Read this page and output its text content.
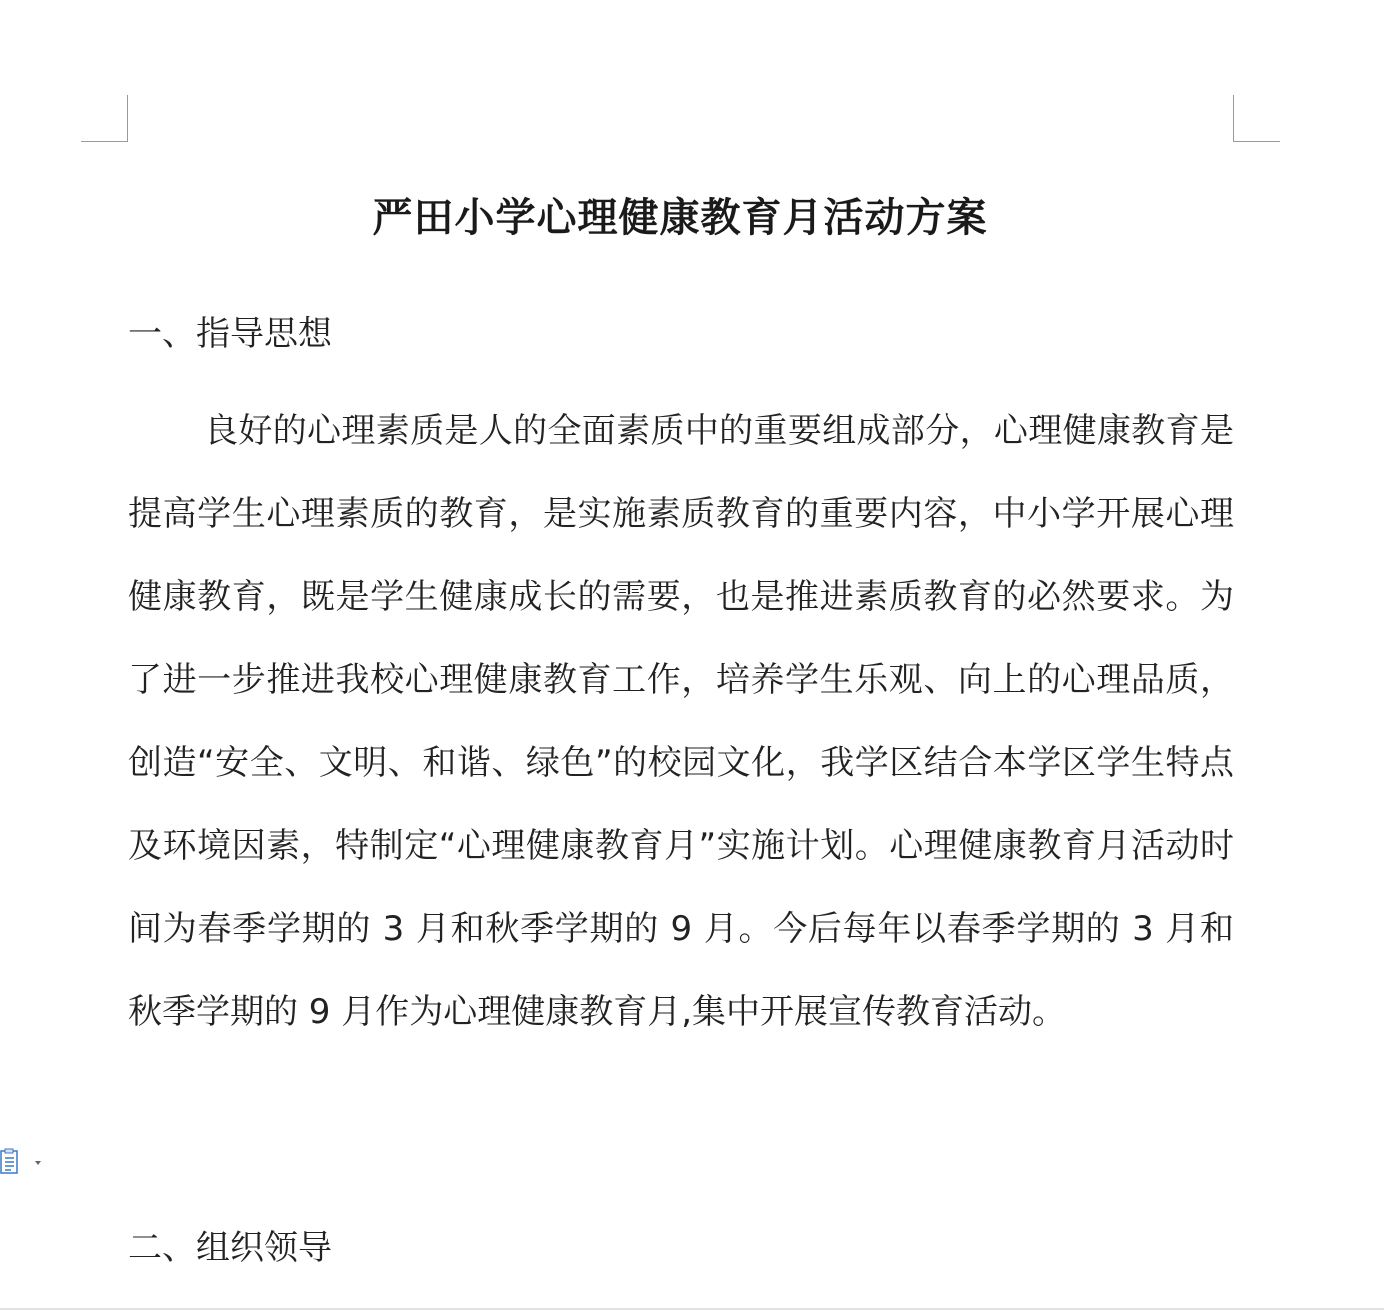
严田小学心理健康教育月活动方案
一、指导思想

良好的心理素质是人的全面素质中的重要组成部分，心理健康教育是提高学生心理素质的教育，是实施素质教育的重要内容，中小学开展心理健康教育，既是学生健康成长的需要，也是推进素质教育的必然要求。为了进一步推进我校心理健康教育工作，培养学生乐观、向上的心理品质，创造“安全、文明、和谐、绿色”的校园文化，我学区结合本学区学生特点及环境因素，特制定“心理健康教育月”实施计划。心理健康教育月活动时间为春季学期的 3 月和秋季学期的 9 月。今后每年以春季学期的 3 月和秋季学期的 9 月作为心理健康教育月,集中开展宣传教育活动。

二、组织领导
